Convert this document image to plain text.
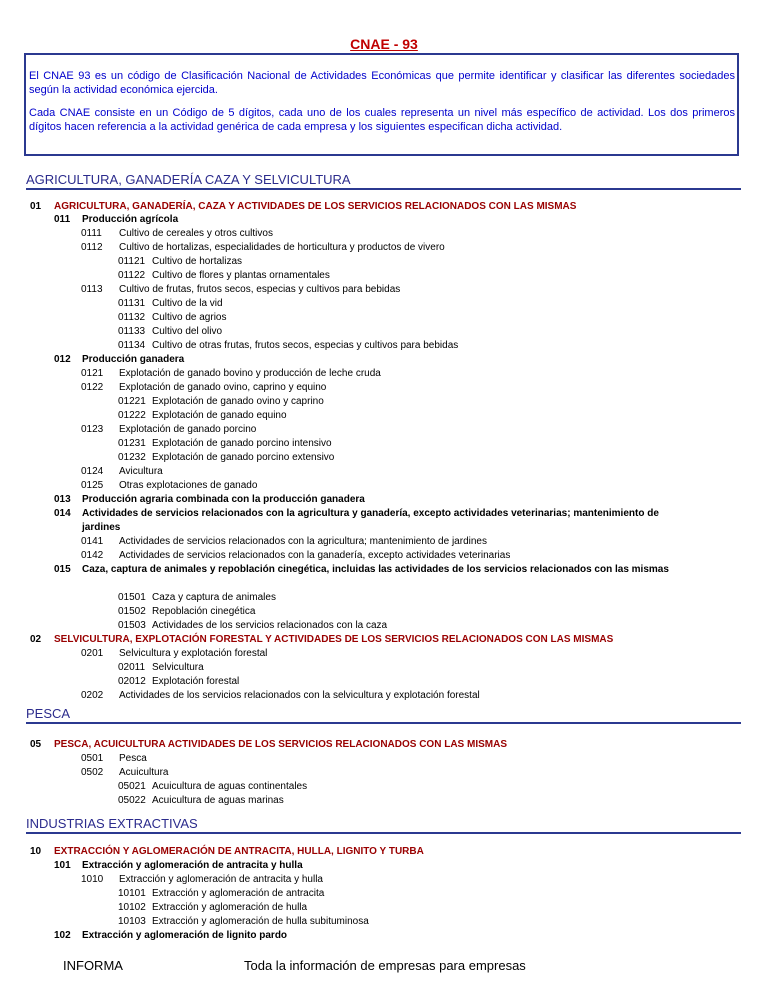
CNAE - 93

El CNAE 93 es un código de Clasificación Nacional de Actividades Económicas que permite identificar y clasificar las diferentes sociedades según la actividad económica ejercida.

Cada CNAE consiste en un Código de 5 dígitos, cada uno de los cuales representa un nivel más específico de actividad. Los dos primeros dígitos hacen referencia a la actividad genérica de cada empresa y los siguientes especifican dicha actividad.

AGRICULTURA, GANADERÍA CAZA Y SELVICULTURA
01 AGRICULTURA, GANADERÍA, CAZA Y ACTIVIDADES DE LOS SERVICIOS RELACIONADOS CON LAS MISMAS
011 Producción agrícola
0111 Cultivo de cereales y otros cultivos
0112 Cultivo de hortalizas, especialidades de horticultura y productos de vivero
01121 Cultivo de hortalizas
01122 Cultivo de flores y plantas ornamentales
0113 Cultivo de frutas, frutos secos, especias y cultivos para bebidas
01131 Cultivo de la vid
01132 Cultivo de agrios
01133 Cultivo del olivo
01134 Cultivo de otras frutas, frutos secos, especias y cultivos para bebidas
012 Producción ganadera
0121 Explotación de ganado bovino y producción de leche cruda
0122 Explotación de ganado ovino, caprino y equino
01221 Explotación de ganado ovino y caprino
01222 Explotación de ganado equino
0123 Explotación de ganado porcino
01231 Explotación de ganado porcino intensivo
01232 Explotación de ganado porcino extensivo
0124 Avicultura
0125 Otras explotaciones de ganado
013 Producción agraria combinada con la producción ganadera
014 Actividades de servicios relacionados con la agricultura y ganadería, excepto actividades veterinarias; mantenimiento de
jardines
0141 Actividades de servicios relacionados con la agricultura; mantenimiento de jardines
0142 Actividades de servicios relacionados con la ganadería, excepto actividades veterinarias
015 Caza, captura de animales y repoblación cinegética, incluidas las actividades de los servicios relacionados con las mismas
01501 Caza y captura de animales
01502 Repoblación cinegética
01503 Actividades de los servicios relacionados con la caza
02 SELVICULTURA, EXPLOTACIÓN FORESTAL Y ACTIVIDADES DE LOS SERVICIOS RELACIONADOS CON LAS MISMAS
0201 Selvicultura y explotación forestal
02011 Selvicultura
02012 Explotación forestal
0202 Actividades de los servicios relacionados con la selvicultura y explotación forestal
PESCA
05 PESCA, ACUICULTURA ACTIVIDADES DE LOS SERVICIOS RELACIONADOS CON LAS MISMAS
0501 Pesca
0502 Acuicultura
05021 Acuicultura de aguas continentales
05022 Acuicultura de aguas marinas
INDUSTRIAS EXTRACTIVAS
10 EXTRACCIÓN Y AGLOMERACIÓN DE ANTRACITA, HULLA, LIGNITO Y TURBA
101 Extracción y aglomeración de antracita y hulla
1010 Extracción y aglomeración de antracita y hulla
10101 Extracción y aglomeración de antracita
10102 Extracción y aglomeración de hulla
10103 Extracción y aglomeración de hulla subituminosa
102 Extracción y aglomeración de lignito pardo
INFORMA	Toda la información de empresas para empresas
